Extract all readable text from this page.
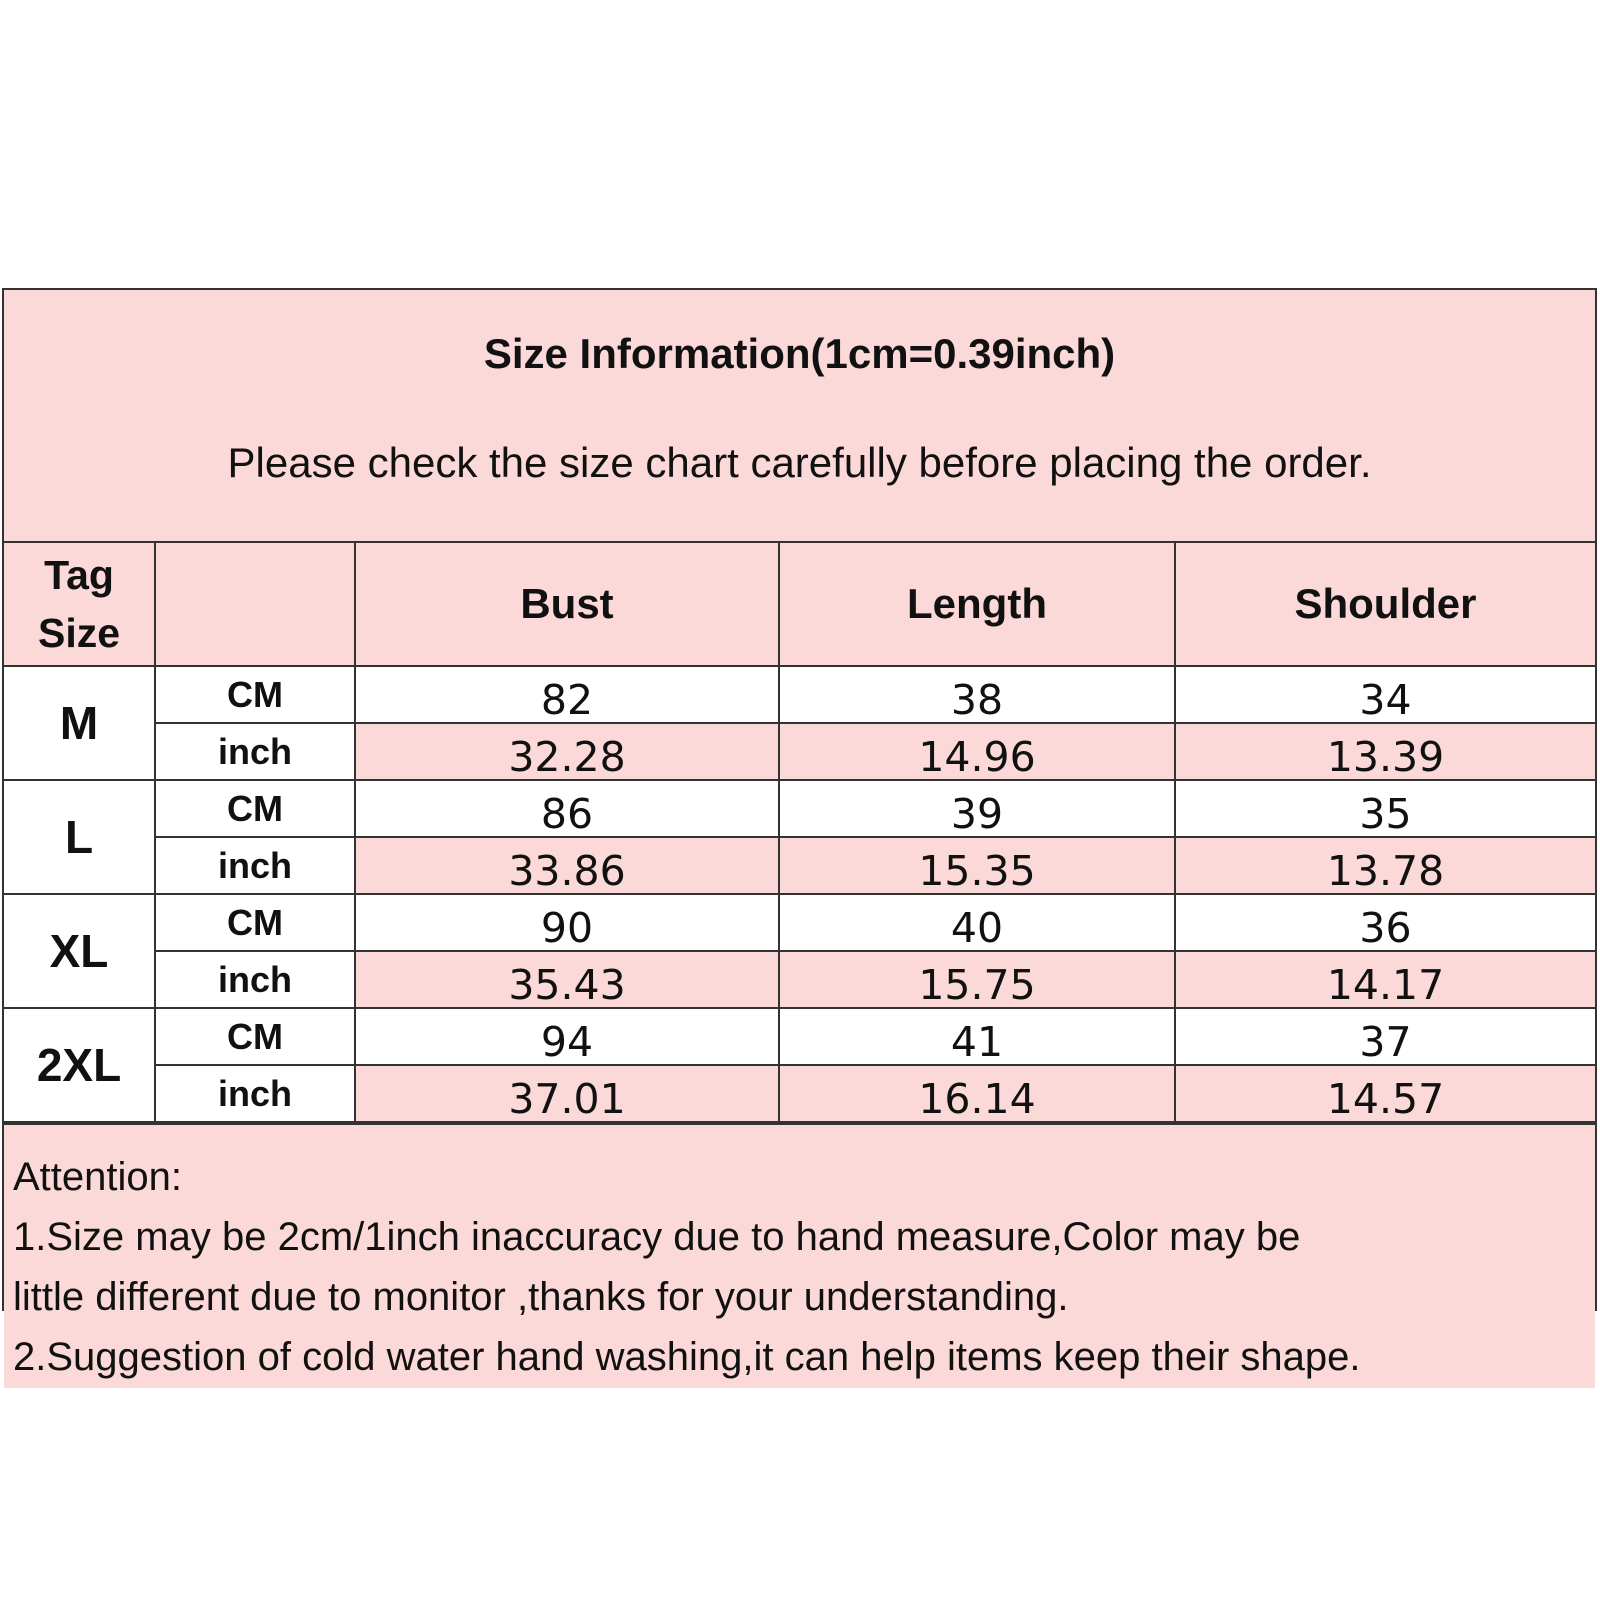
Size Information(1cm=0.39inch)
Please check the size chart carefully before placing the order.
Tag
Size		Bust	Length	Shoulder
M	CM	82	38	34
	inch	32.28	14.96	13.39
L	CM	86	39	35
	inch	33.86	15.35	13.78
XL	CM	90	40	36
	inch	35.43	15.75	14.17
2XL	CM	94	41	37
	inch	37.01	16.14	14.57
Attention:
1.Size may be 2cm/1inch inaccuracy due to hand measure,Color may be
little different due to monitor ,thanks for your understanding.
2.Suggestion of cold water hand washing,it can help items keep their shape.
